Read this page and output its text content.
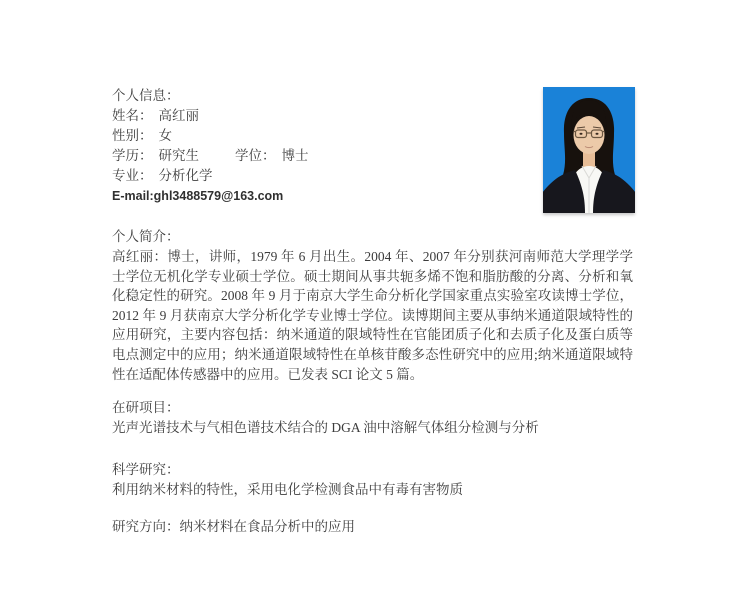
个人信息：
姓名： 高红丽
性别： 女
学历： 研究生	学位： 博士
专业： 分析化学
E-mail:ghl3488579@163.com
个人简介：

高红丽：博士，讲师，1979 年 6 月出生。2004 年、2007 年分别获河南师范大学理学学士学位无机化学专业硕士学位。硕士期间从事共轭多烯不饱和脂肪酸的分离、分析和氧化稳定性的研究。2008 年 9 月于南京大学生命分析化学国家重点实验室攻读博士学位，2012 年 9 月获南京大学分析化学专业博士学位。读博期间主要从事纳米通道限域特性的应用研究，主要内容包括：纳米通道的限域特性在官能团质子化和去质子化及蛋白质等电点测定中的应用；纳米通道限域特性在单核苷酸多态性研究中的应用;纳米通道限域特性在适配体传感器中的应用。已发表 SCI 论文 5 篇。

在研项目：
光声光谱技术与气相色谱技术结合的 DGA 油中溶解气体组分检测与分析
科学研究：
利用纳米材料的特性，采用电化学检测食品中有毒有害物质
研究方向：纳米材料在食品分析中的应用
